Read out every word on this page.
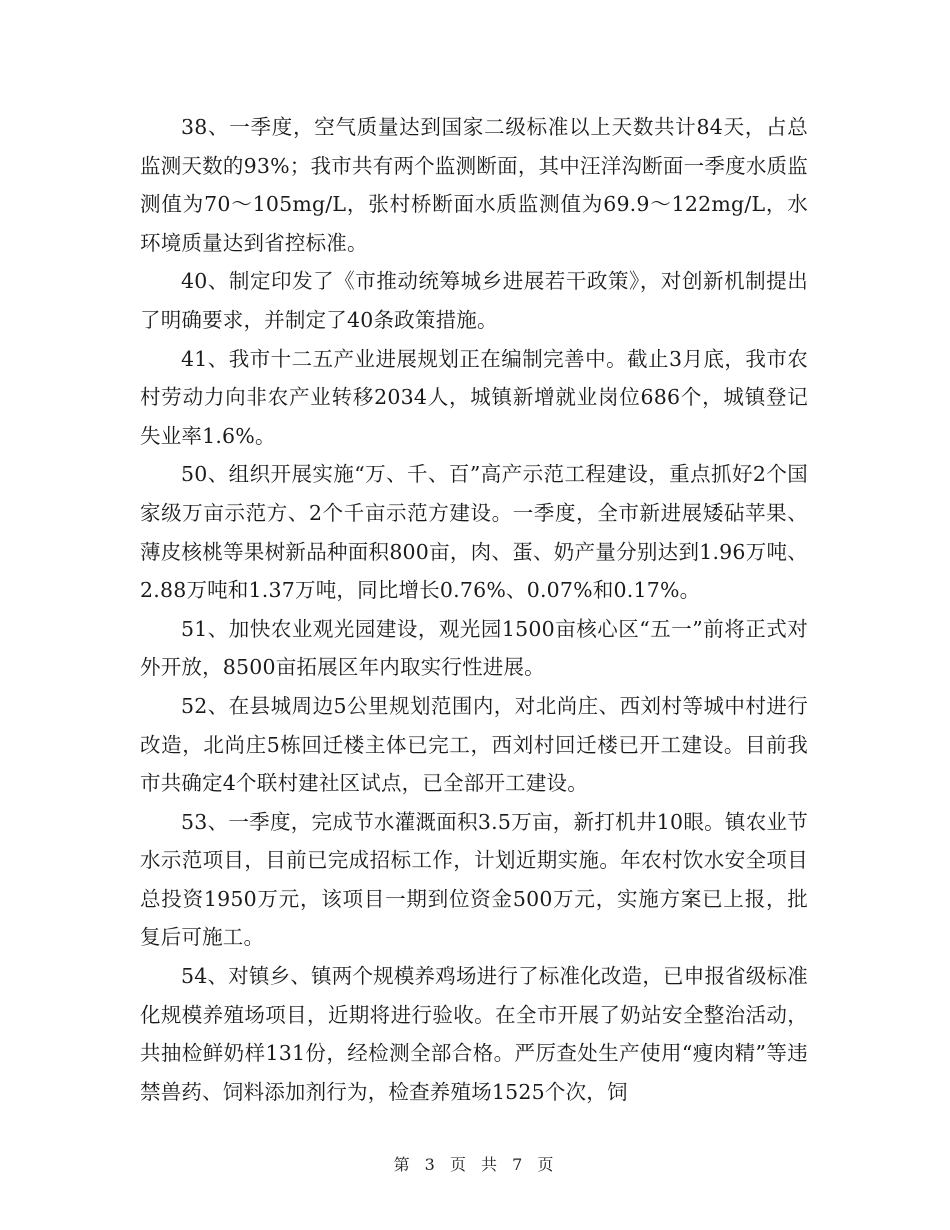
38、一季度，空气质量达到国家二级标准以上天数共计84天，占总监测天数的93%；我市共有两个监测断面，其中汪洋沟断面一季度水质监测值为70～105mg/L，张村桥断面水质监测值为69.9～122mg/L，水环境质量达到省控标准。

40、制定印发了《市推动统筹城乡进展若干政策》，对创新机制提出了明确要求，并制定了40条政策措施。

41、我市十二五产业进展规划正在编制完善中。截止3月底，我市农村劳动力向非农产业转移2034人，城镇新增就业岗位686个，城镇登记失业率1.6%。

50、组织开展实施“万、千、百”高产示范工程建设，重点抓好2个国家级万亩示范方、2个千亩示范方建设。一季度，全市新进展矮砧苹果、薄皮核桃等果树新品种面积800亩，肉、蛋、奶产量分别达到1.96万吨、2.88万吨和1.37万吨，同比增长0.76%、0.07%和0.17%。

51、加快农业观光园建设，观光园1500亩核心区“五一”前将正式对外开放，8500亩拓展区年内取实行性进展。

52、在县城周边5公里规划范围内，对北尚庄、西刘村等城中村进行改造，北尚庄5栋回迁楼主体已完工，西刘村回迁楼已开工建设。目前我市共确定4个联村建社区试点，已全部开工建设。

53、一季度，完成节水灌溉面积3.5万亩，新打机井10眼。镇农业节水示范项目，目前已完成招标工作，计划近期实施。年农村饮水安全项目总投资1950万元，该项目一期到位资金500万元，实施方案已上报，批复后可施工。

54、对镇乡、镇两个规模养鸡场进行了标准化改造，已申报省级标准化规模养殖场项目，近期将进行验收。在全市开展了奶站安全整治活动，共抽检鲜奶样131份，经检测全部合格。严厉查处生产使用“瘦肉精”等违禁兽药、饲料添加剂行为，检查养殖场1525个次，饲

第 3 页 共 7 页
